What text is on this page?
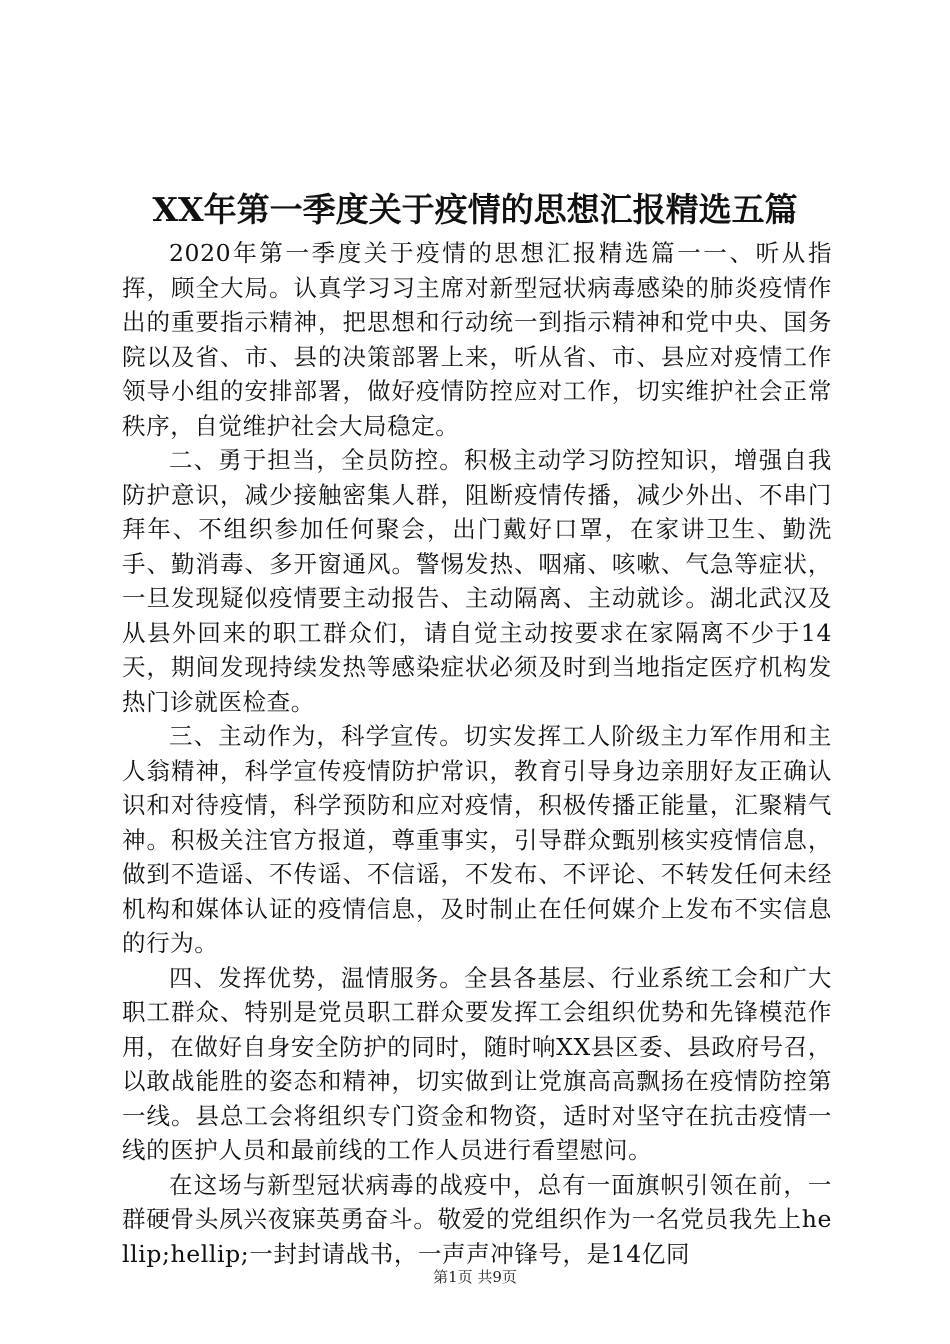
XX年第一季度关于疫情的思想汇报精选五篇

2020年第一季度关于疫情的思想汇报精选篇一一、听从指挥，顾全大局。认真学习习主席对新型冠状病毒感染的肺炎疫情作出的重要指示精神，把思想和行动统一到指示精神和党中央、国务院以及省、市、县的决策部署上来，听从省、市、县应对疫情工作领导小组的安排部署，做好疫情防控应对工作，切实维护社会正常秩序，自觉维护社会大局稳定。

二、勇于担当，全员防控。积极主动学习防控知识，增强自我防护意识，减少接触密集人群，阻断疫情传播，减少外出、不串门拜年、不组织参加任何聚会，出门戴好口罩，在家讲卫生、勤洗手、勤消毒、多开窗通风。警惕发热、咽痛、咳嗽、气急等症状，一旦发现疑似疫情要主动报告、主动隔离、主动就诊。湖北武汉及从县外回来的职工群众们，请自觉主动按要求在家隔离不少于14天，期间发现持续发热等感染症状必须及时到当地指定医疗机构发热门诊就医检查。

三、主动作为，科学宣传。切实发挥工人阶级主力军作用和主人翁精神，科学宣传疫情防护常识，教育引导身边亲朋好友正确认识和对待疫情，科学预防和应对疫情，积极传播正能量，汇聚精气神。积极关注官方报道，尊重事实，引导群众甄别核实疫情信息，做到不造谣、不传谣、不信谣，不发布、不评论、不转发任何未经机构和媒体认证的疫情信息，及时制止在任何媒介上发布不实信息的行为。

四、发挥优势，温情服务。全县各基层、行业系统工会和广大职工群众、特别是党员职工群众要发挥工会组织优势和先锋模范作用，在做好自身安全防护的同时，随时响XX县区委、县政府号召，以敢战能胜的姿态和精神，切实做到让党旗高高飘扬在疫情防控第一线。县总工会将组织专门资金和物资，适时对坚守在抗击疫情一线的医护人员和最前线的工作人员进行看望慰问。

在这场与新型冠状病毒的战疫中，总有一面旗帜引领在前，一群硬骨头夙兴夜寐英勇奋斗。敬爱的党组织作为一名党员我先上hellip;hellip;一封封请战书，一声声冲锋号，是14亿同

第1页 共9页
